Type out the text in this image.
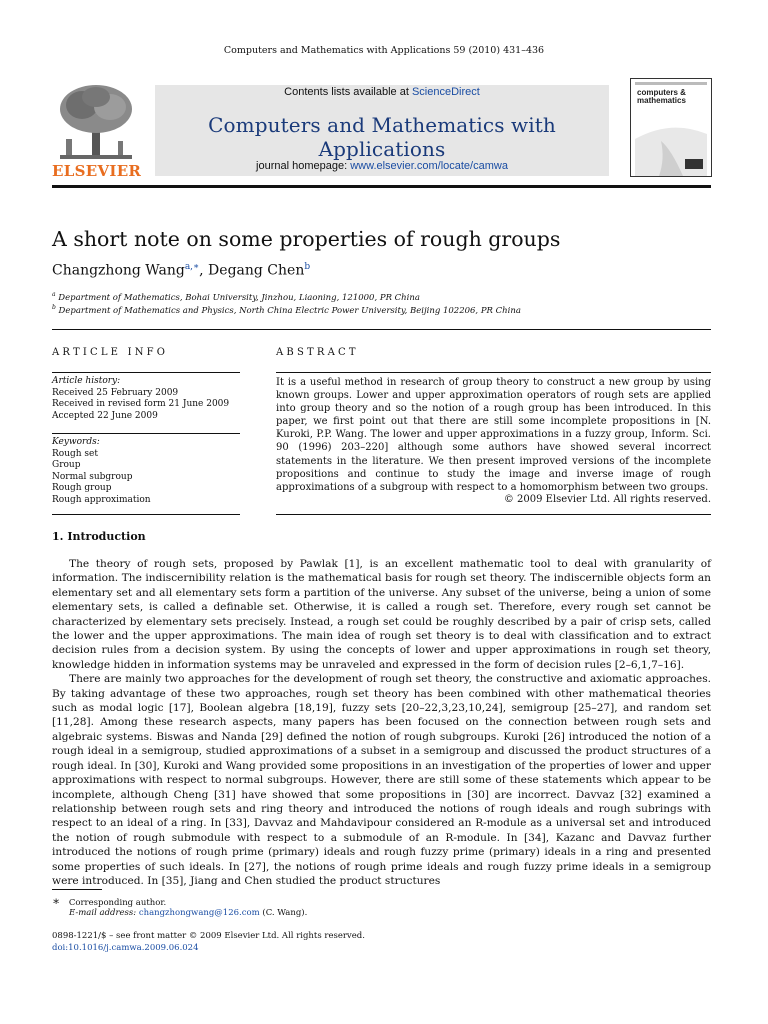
Computers and Mathematics with Applications 59 (2010) 431–436
ELSEVIER
Contents lists available at ScienceDirect
Computers and Mathematics with Applications
journal homepage: www.elsevier.com/locate/camwa
computers &
mathematics
A short note on some properties of rough groups
Changzhong Wang$^{a,∗}$, Degang Chen$^b$
$^a$ Department of Mathematics, Bohai University, Jinzhou, Liaoning, 121000, PR China
$^b$ Department of Mathematics and Physics, North China Electric Power University, Beijing 102206, PR China
ARTICLE INFO
Article history:
Received 25 February 2009
Received in revised form 21 June 2009
Accepted 22 June 2009
Keywords:
Rough set
Group
Normal subgroup
Rough group
Rough approximation
ABSTRACT
It is a useful method in research of group theory to construct a new group by using known groups. Lower and upper approximation operators of rough sets are applied into group theory and so the notion of a rough group has been introduced. In this paper, we first point out that there are still some incomplete propositions in [N. Kuroki, P.P. Wang. The lower and upper approximations in a fuzzy group, Inform. Sci. 90 (1996) 203–220] although some authors have showed several incorrect statements in the literature. We then present improved versions of the incomplete propositions and continue to study the image and inverse image of rough approximations of a subgroup with respect to a homomorphism between two groups.
© 2009 Elsevier Ltd. All rights reserved.
1. Introduction

The theory of rough sets, proposed by Pawlak [1], is an excellent mathematic tool to deal with granularity of information. The indiscernibility relation is the mathematical basis for rough set theory. The indiscernible objects form an elementary set and all elementary sets form a partition of the universe. Any subset of the universe, being a union of some elementary sets, is called a definable set. Otherwise, it is called a rough set. Therefore, every rough set cannot be characterized by elementary sets precisely. Instead, a rough set could be roughly described by a pair of crisp sets, called the lower and the upper approximations. The main idea of rough set theory is to deal with classification and to extract decision rules from a decision system. By using the concepts of lower and upper approximations in rough set theory, knowledge hidden in information systems may be unraveled and expressed in the form of decision rules [2–6,1,7–16].

There are mainly two approaches for the development of rough set theory, the constructive and axiomatic approaches. By taking advantage of these two approaches, rough set theory has been combined with other mathematical theories such as modal logic [17], Boolean algebra [18,19], fuzzy sets [20–22,3,23,10,24], semigroup [25–27], and random set [11,28]. Among these research aspects, many papers has been focused on the connection between rough sets and algebraic systems. Biswas and Nanda [29] defined the notion of rough subgroups. Kuroki [26] introduced the notion of a rough ideal in a semigroup, studied approximations of a subset in a semigroup and discussed the product structures of a rough ideal. In [30], Kuroki and Wang provided some propositions in an investigation of the properties of lower and upper approximations with respect to normal subgroups. However, there are still some of these statements which appear to be incomplete, although Cheng [31] have showed that some propositions in [30] are incorrect. Davvaz [32] examined a relationship between rough sets and ring theory and introduced the notions of rough ideals and rough subrings with respect to an ideal of a ring. In [33], Davvaz and Mahdavipour considered an R-module as a universal set and introduced the notion of rough submodule with respect to a submodule of an R-module. In [34], Kazanc and Davvaz further introduced the notions of rough prime (primary) ideals and rough fuzzy prime (primary) ideals in a ring and presented some properties of such ideals. In [27], the notions of rough prime ideals and rough fuzzy prime ideals in a semigroup were introduced. In [35], Jiang and Chen studied the product structures

∗ Corresponding author.
E-mail address: changzhongwang@126.com (C. Wang).
0898-1221/$ – see front matter © 2009 Elsevier Ltd. All rights reserved.
doi:10.1016/j.camwa.2009.06.024
